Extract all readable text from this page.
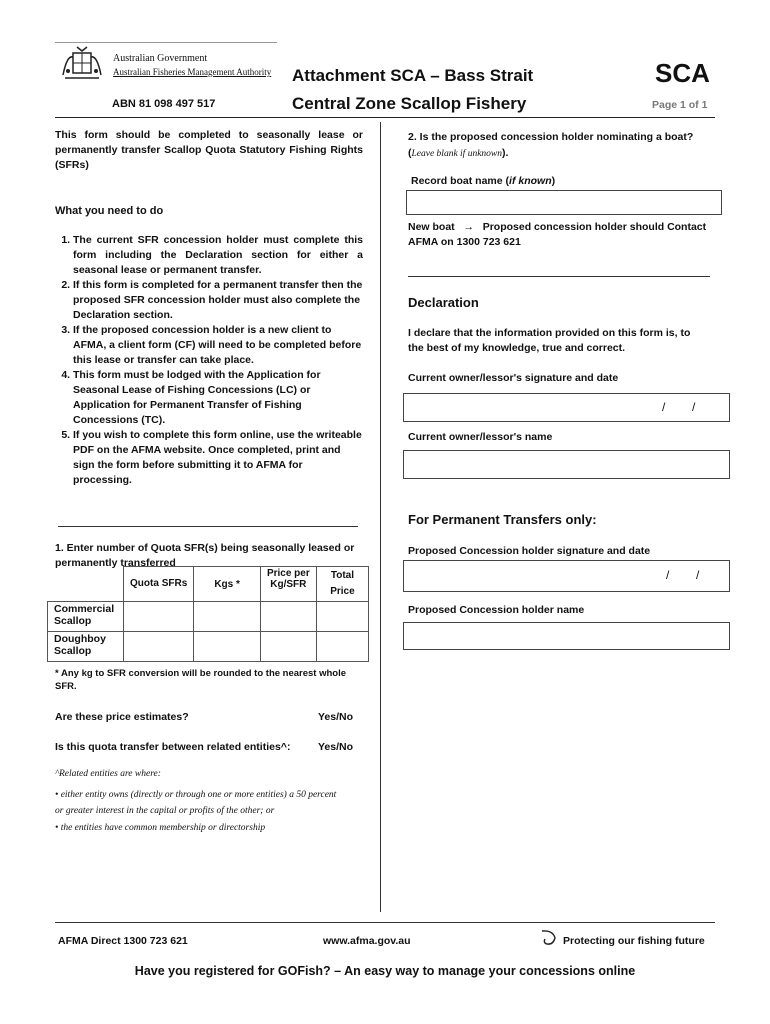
Australian Government
Australian Fisheries Management Authority
ABN 81 098 497 517
Attachment SCA – Bass Strait
Central Zone Scallop Fishery
SCA
Page 1 of 1
This form should be completed to seasonally lease or permanently transfer Scallop Quota Statutory Fishing Rights (SFRs)
What you need to do
1. The current SFR concession holder must complete this form including the Declaration section for either a seasonal lease or permanent transfer.
2. If this form is completed for a permanent transfer then the proposed SFR concession holder must also complete the Declaration section.
3. If the proposed concession holder is a new client to AFMA, a client form (CF) will need to be completed before this lease or transfer can take place.
4. This form must be lodged with the Application for Seasonal Lease of Fishing Concessions (LC) or Application for Permanent Transfer of Fishing Concessions (TC).
5. If you wish to complete this form online, use the writeable PDF on the AFMA website. Once completed, print and sign the form before submitting it to AFMA for processing.
1. Enter number of Quota SFR(s) being seasonally leased or permanently transferred
	Quota SFRs	Kgs *	Price per Kg/SFR	Total Price
Commercial Scallop				
Doughboy Scallop				
* Any kg to SFR conversion will be rounded to the nearest whole SFR.
Are these price estimates?	Yes/No
Is this quota transfer between related entities^:	Yes/No
^Related entities are where:
• either entity owns (directly or through one or more entities) a 50 percent or greater interest in the capital or profits of the other; or
• the entities have common membership or directorship
2. Is the proposed concession holder nominating a boat?
(Leave blank if unknown).
Record boat name (if known)
New boat → Proposed concession holder should Contact AFMA on 1300 723 621
Declaration
I declare that the information provided on this form is, to the best of my knowledge, true and correct.
Current owner/lessor's signature and date
/        /
Current owner/lessor's name
For Permanent Transfers only:
Proposed Concession holder signature and date
/        /
Proposed Concession holder name
AFMA Direct 1300 723 621	www.afma.gov.au	Protecting our fishing future
Have you registered for GOFish? – An easy way to manage your concessions online
